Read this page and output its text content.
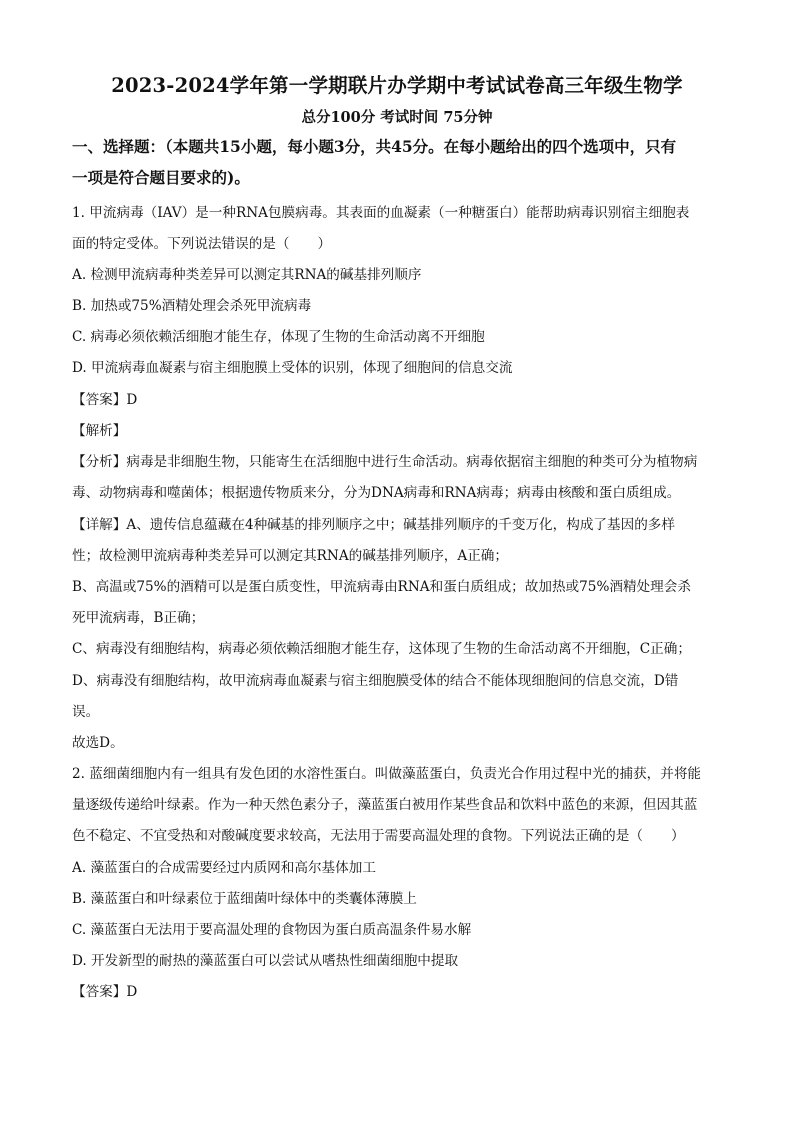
2023-2024学年第一学期联片办学期中考试试卷高三年级生物学
总分100分 考试时间 75分钟
一、选择题：（本题共15小题，每小题3分，共45分。在每小题给出的四个选项中，只有
一项是符合题目要求的)。
1. 甲流病毒（IAV）是一种RNA包膜病毒。其表面的血凝素（一种糖蛋白）能帮助病毒识别宿主细胞表
面的特定受体。下列说法错误的是（ ）
A. 检测甲流病毒种类差异可以测定其RNA的碱基排列顺序
B. 加热或75%酒精处理会杀死甲流病毒
C. 病毒必须依赖活细胞才能生存，体现了生物的生命活动离不开细胞
D. 甲流病毒血凝素与宿主细胞膜上受体的识别，体现了细胞间的信息交流
【答案】D
【解析】
【分析】病毒是非细胞生物，只能寄生在活细胞中进行生命活动。病毒依据宿主细胞的种类可分为植物病
毒、动物病毒和噬菌体；根据遗传物质来分，分为DNA病毒和RNA病毒；病毒由核酸和蛋白质组成。
【详解】A、遗传信息蕴藏在4种碱基的排列顺序之中；碱基排列顺序的千变万化，构成了基因的多样
性；故检测甲流病毒种类差异可以测定其RNA的碱基排列顺序，A正确；
B、高温或75%的酒精可以是蛋白质变性，甲流病毒由RNA和蛋白质组成；故加热或75%酒精处理会杀
死甲流病毒，B正确；
C、病毒没有细胞结构，病毒必须依赖活细胞才能生存，这体现了生物的生命活动离不开细胞，C正确；
D、病毒没有细胞结构，故甲流病毒血凝素与宿主细胞膜受体的结合不能体现细胞间的信息交流，D错
误。
故选D。
2. 蓝细菌细胞内有一组具有发色团的水溶性蛋白。叫做藻蓝蛋白，负责光合作用过程中光的捕获，并将能
量逐级传递给叶绿素。作为一种天然色素分子，藻蓝蛋白被用作某些食品和饮料中蓝色的来源，但因其蓝
色不稳定、不宜受热和对酸碱度要求较高，无法用于需要高温处理的食物。下列说法正确的是（ ）
A. 藻蓝蛋白的合成需要经过内质网和高尔基体加工
B. 藻蓝蛋白和叶绿素位于蓝细菌叶绿体中的类囊体薄膜上
C. 藻蓝蛋白无法用于要高温处理的食物因为蛋白质高温条件易水解
D. 开发新型的耐热的藻蓝蛋白可以尝试从嗜热性细菌细胞中提取
【答案】D
